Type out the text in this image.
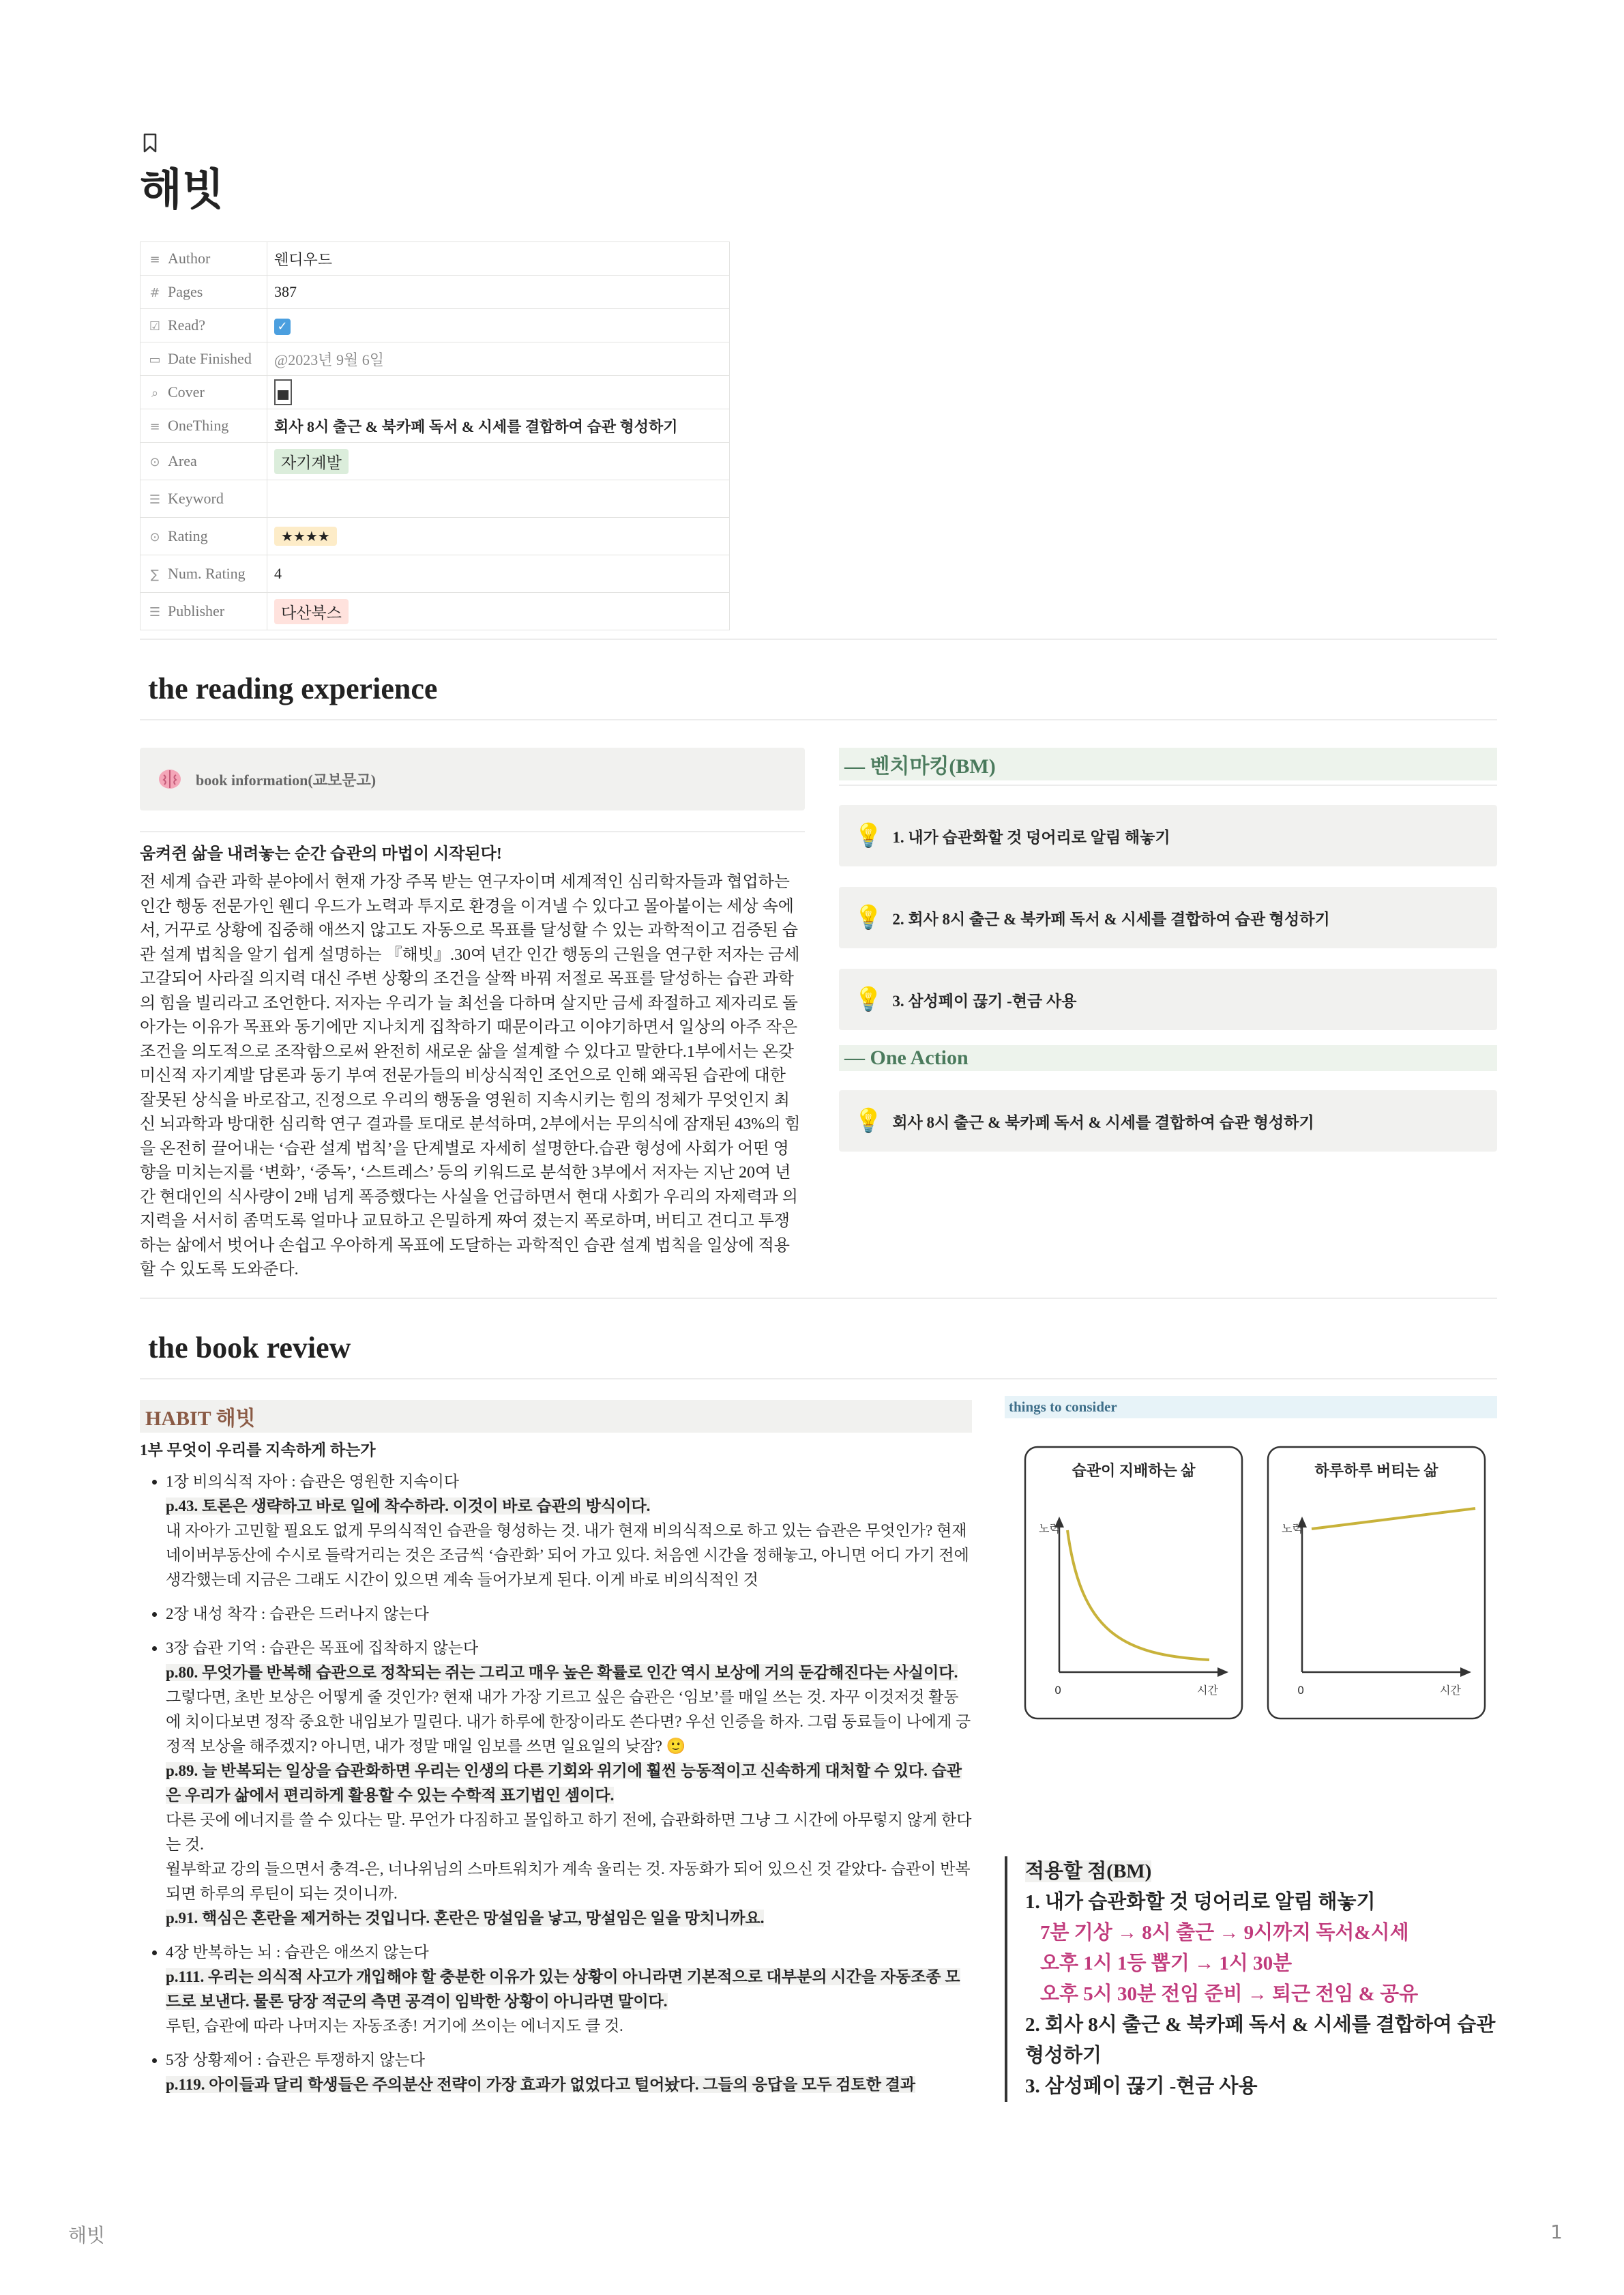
해빗
≡ Author	웬디우드
# Pages	387
☑ Read?	✓
▭ Date Finished	@2023년 9월 6일
⌕ Cover	
≡ OneThing	회사 8시 출근 & 북카페 독서 & 시세를 결합하여 습관 형성하기
⊙ Area	자기계발
☰ Keyword	
⊙ Rating	★★★★
∑ Num. Rating	4
☰ Publisher	다산북스
the reading experience
book information(교보문고)
움켜쥔 삶을 내려놓는 순간 습관의 마법이 시작된다!
전 세계 습관 과학 분야에서 현재 가장 주목 받는 연구자이며 세계적인 심리학자들과 협업하는
인간 행동 전문가인 웬디 우드가 노력과 투지로 환경을 이겨낼 수 있다고 몰아붙이는 세상 속에
서, 거꾸로 상황에 집중해 애쓰지 않고도 자동으로 목표를 달성할 수 있는 과학적이고 검증된 습
관 설계 법칙을 알기 쉽게 설명하는 『해빗』.30여 년간 인간 행동의 근원을 연구한 저자는 금세
고갈되어 사라질 의지력 대신 주변 상황의 조건을 살짝 바꿔 저절로 목표를 달성하는 습관 과학
의 힘을 빌리라고 조언한다. 저자는 우리가 늘 최선을 다하며 살지만 금세 좌절하고 제자리로 돌
아가는 이유가 목표와 동기에만 지나치게 집착하기 때문이라고 이야기하면서 일상의 아주 작은
조건을 의도적으로 조작함으로써 완전히 새로운 삶을 설계할 수 있다고 말한다.1부에서는 온갖
미신적 자기계발 담론과 동기 부여 전문가들의 비상식적인 조언으로 인해 왜곡된 습관에 대한
잘못된 상식을 바로잡고, 진정으로 우리의 행동을 영원히 지속시키는 힘의 정체가 무엇인지 최
신 뇌과학과 방대한 심리학 연구 결과를 토대로 분석하며, 2부에서는 무의식에 잠재된 43%의 힘
을 온전히 끌어내는 ‘습관 설계 법칙’을 단계별로 자세히 설명한다.습관 형성에 사회가 어떤 영
향을 미치는지를 ‘변화’, ‘중독’, ‘스트레스’ 등의 키워드로 분석한 3부에서 저자는 지난 20여 년
간 현대인의 식사량이 2배 넘게 폭증했다는 사실을 언급하면서 현대 사회가 우리의 자제력과 의
지력을 서서히 좀먹도록 얼마나 교묘하고 은밀하게 짜여 졌는지 폭로하며, 버티고 견디고 투쟁
하는 삶에서 벗어나 손쉽고 우아하게 목표에 도달하는 과학적인 습관 설계 법칙을 일상에 적용
할 수 있도록 도와준다.
— 벤치마킹(BM)
💡 1. 내가 습관화할 것 덩어리로 알림 해놓기
💡 2. 회사 8시 출근 & 북카페 독서 & 시세를 결합하여 습관 형성하기
💡 3. 삼성페이 끊기 -현금 사용
— One Action
💡 회사 8시 출근 & 북카페 독서 & 시세를 결합하여 습관 형성하기
the book review
HABIT 해빗
1부 무엇이 우리를 지속하게 하는가
• 1장 비의식적 자아 : 습관은 영원한 지속이다
p.43. 토론은 생략하고 바로 일에 착수하라. 이것이 바로 습관의 방식이다.
내 자아가 고민할 필요도 없게 무의식적인 습관을 형성하는 것. 내가 현재 비의식적으로 하고 있는 습관은 무엇인가? 현재 네이버부동산에 수시로 들락거리는 것은 조금씩 ‘습관화’ 되어 가고 있다. 처음엔 시간을 정해놓고, 아니면 어디 가기 전에 생각했는데 지금은 그래도 시간이 있으면 계속 들어가보게 된다. 이게 바로 비의식적인 것
• 2장 내성 착각 : 습관은 드러나지 않는다
• 3장 습관 기억 : 습관은 목표에 집착하지 않는다
p.80. 무엇가를 반복해 습관으로 정착되는 쥐는 그리고 매우 높은 확률로 인간 역시 보상에 거의 둔감해진다는 사실이다.
그렇다면, 초반 보상은 어떻게 줄 것인가? 현재 내가 가장 기르고 싶은 습관은 ‘임보’를 매일 쓰는 것. 자꾸 이것저것 활동에 치이다보면 정작 중요한 내임보가 밀린다. 내가 하루에 한장이라도 쓴다면? 우선 인증을 하자. 그럼 동료들이 나에게 긍정적 보상을 해주겠지? 아니면, 내가 정말 매일 임보를 쓰면 일요일의 낮잠? 🙂
p.89. 늘 반복되는 일상을 습관화하면 우리는 인생의 다른 기회와 위기에 훨씬 능동적이고 신속하게 대처할 수 있다. 습관은 우리가 삶에서 편리하게 활용할 수 있는 수학적 표기법인 셈이다.
다른 곳에 에너지를 쓸 수 있다는 말. 무언가 다짐하고 몰입하고 하기 전에, 습관화하면 그냥 그 시간에 아무렇지 않게 한다는 것.
월부학교 강의 들으면서 충격-은, 너나위님의 스마트워치가 계속 울리는 것. 자동화가 되어 있으신 것 같았다- 습관이 반복되면 하루의 루틴이 되는 것이니까.
p.91. 핵심은 혼란을 제거하는 것입니다. 혼란은 망설임을 낳고, 망설임은 일을 망치니까요.
• 4장 반복하는 뇌 : 습관은 애쓰지 않는다
p.111. 우리는 의식적 사고가 개입해야 할 충분한 이유가 있는 상황이 아니라면 기본적으로 대부분의 시간을 자동조종 모드로 보낸다. 물론 당장 적군의 측면 공격이 임박한 상황이 아니라면 말이다.
루틴, 습관에 따라 나머지는 자동조종! 거기에 쓰이는 에너지도 클 것.
• 5장 상황제어 : 습관은 투쟁하지 않는다
p.119. 아이들과 달리 학생들은 주의분산 전략이 가장 효과가 없었다고 털어놨다. 그들의 응답을 모두 검토한 결과
things to consider
습관이 지배하는 삶	하루하루 버티는 삶
노력
0	시간
노력
0	시간
적용할 점(BM)
1. 내가 습관화할 것 덩어리로 알림 해놓기
7분 기상 → 8시 출근 → 9시까지 독서&시세
오후 1시 1등 뽑기 → 1시 30분
오후 5시 30분 전임 준비 → 퇴근 전임 & 공유
2. 회사 8시 출근 & 북카페 독서 & 시세를 결합하여 습관 형성하기
3. 삼성페이 끊기 -현금 사용
해빗	1
